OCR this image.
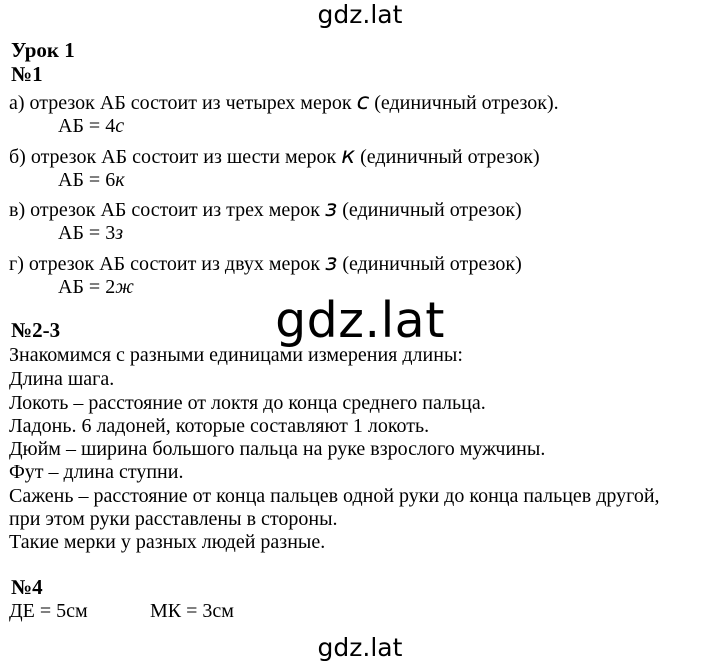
gdz.lat
Урок 1
№1
а) отрезок АБ состоит из четырех мерок с (единичный отрезок).
АБ = 4с
б) отрезок АБ состоит из шести мерок к (единичный отрезок)
АБ = 6к
в) отрезок АБ состоит из трех мерок з (единичный отрезок)
АБ = 3з
г) отрезок АБ состоит из двух мерок з (единичный отрезок)
АБ = 2ж
№2-3	gdz.lat
Знакомимся с разными единицами измерения длины:
Длина шага.
Локоть – расстояние от локтя до конца среднего пальца.
Ладонь. 6 ладоней, которые составляют 1 локоть.
Дюйм – ширина большого пальца на руке взрослого мужчины.
Фут – длина ступни.
Сажень – расстояние от конца пальцев одной руки до конца пальцев другой,
при этом руки расставлены в стороны.
Такие мерки у разных людей разные.
№4
ДЕ = 5см	МК = 3см
gdz.lat
